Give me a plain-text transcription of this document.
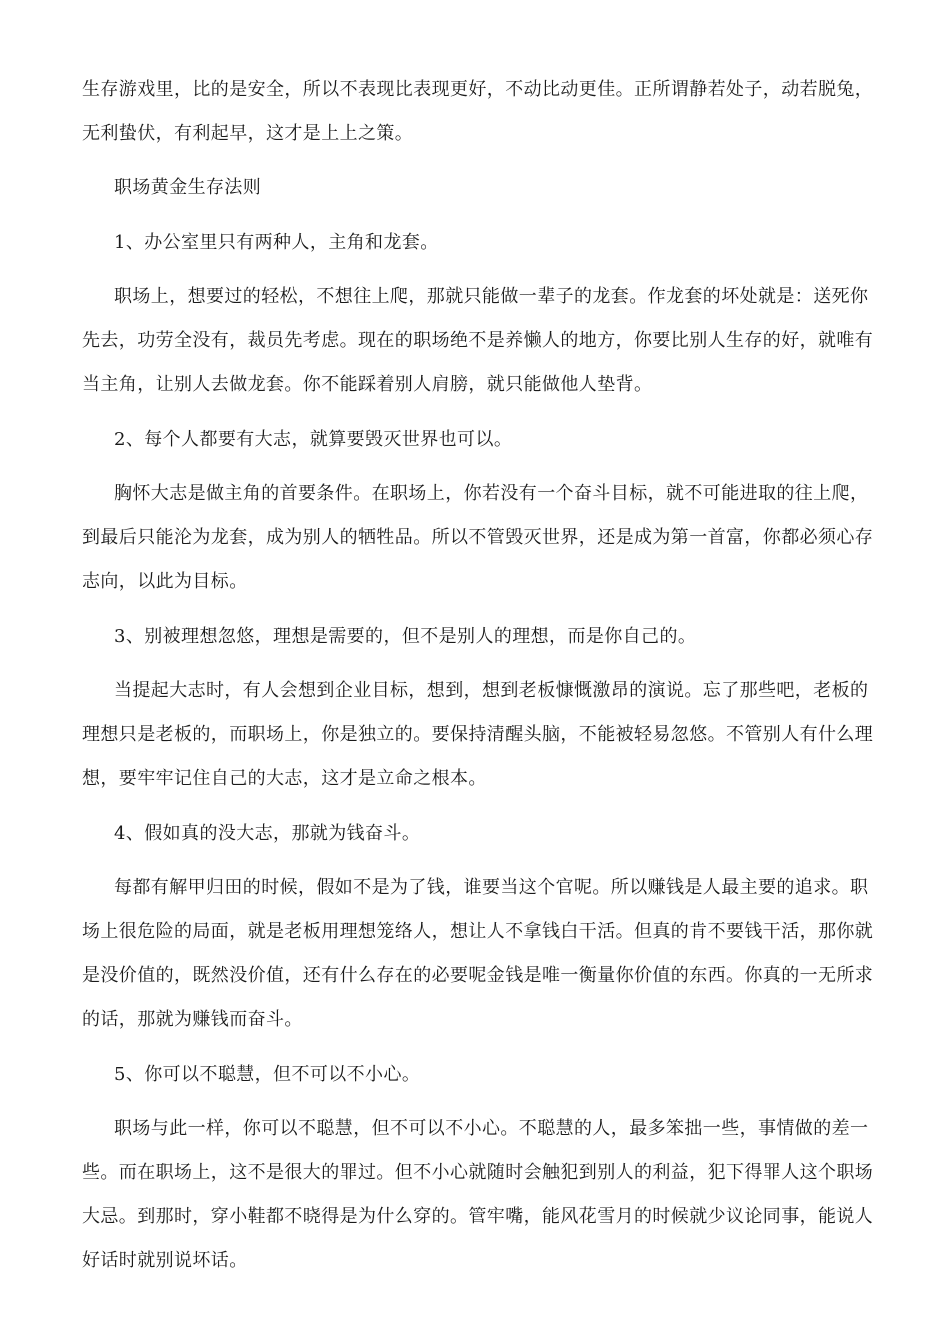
生存游戏里，比的是安全，所以不表现比表现更好，不动比动更佳。正所谓静若处子，动若脱兔，
无利蛰伏，有利起早，这才是上上之策。
职场黄金生存法则
1、办公室里只有两种人，主角和龙套。
职场上，想要过的轻松，不想往上爬，那就只能做一辈子的龙套。作龙套的坏处就是：送死你
先去，功劳全没有，裁员先考虑。现在的职场绝不是养懒人的地方，你要比别人生存的好，就唯有
当主角，让别人去做龙套。你不能踩着别人肩膀，就只能做他人垫背。
2、每个人都要有大志，就算要毁灭世界也可以。
胸怀大志是做主角的首要条件。在职场上，你若没有一个奋斗目标，就不可能进取的往上爬，
到最后只能沦为龙套，成为别人的牺牲品。所以不管毁灭世界，还是成为第一首富，你都必须心存
志向，以此为目标。
3、别被理想忽悠，理想是需要的，但不是别人的理想，而是你自己的。
当提起大志时，有人会想到企业目标，想到，想到老板慷慨激昂的演说。忘了那些吧，老板的
理想只是老板的，而职场上，你是独立的。要保持清醒头脑，不能被轻易忽悠。不管别人有什么理
想，要牢牢记住自己的大志，这才是立命之根本。
4、假如真的没大志，那就为钱奋斗。
每都有解甲归田的时候，假如不是为了钱，谁要当这个官呢。所以赚钱是人最主要的追求。职
场上很危险的局面，就是老板用理想笼络人，想让人不拿钱白干活。但真的肯不要钱干活，那你就
是没价值的，既然没价值，还有什么存在的必要呢金钱是唯一衡量你价值的东西。你真的一无所求
的话，那就为赚钱而奋斗。
5、你可以不聪慧，但不可以不小心。
职场与此一样，你可以不聪慧，但不可以不小心。不聪慧的人，最多笨拙一些，事情做的差一
些。而在职场上，这不是很大的罪过。但不小心就随时会触犯到别人的利益，犯下得罪人这个职场
大忌。到那时，穿小鞋都不晓得是为什么穿的。管牢嘴，能风花雪月的时候就少议论同事，能说人
好话时就别说坏话。
